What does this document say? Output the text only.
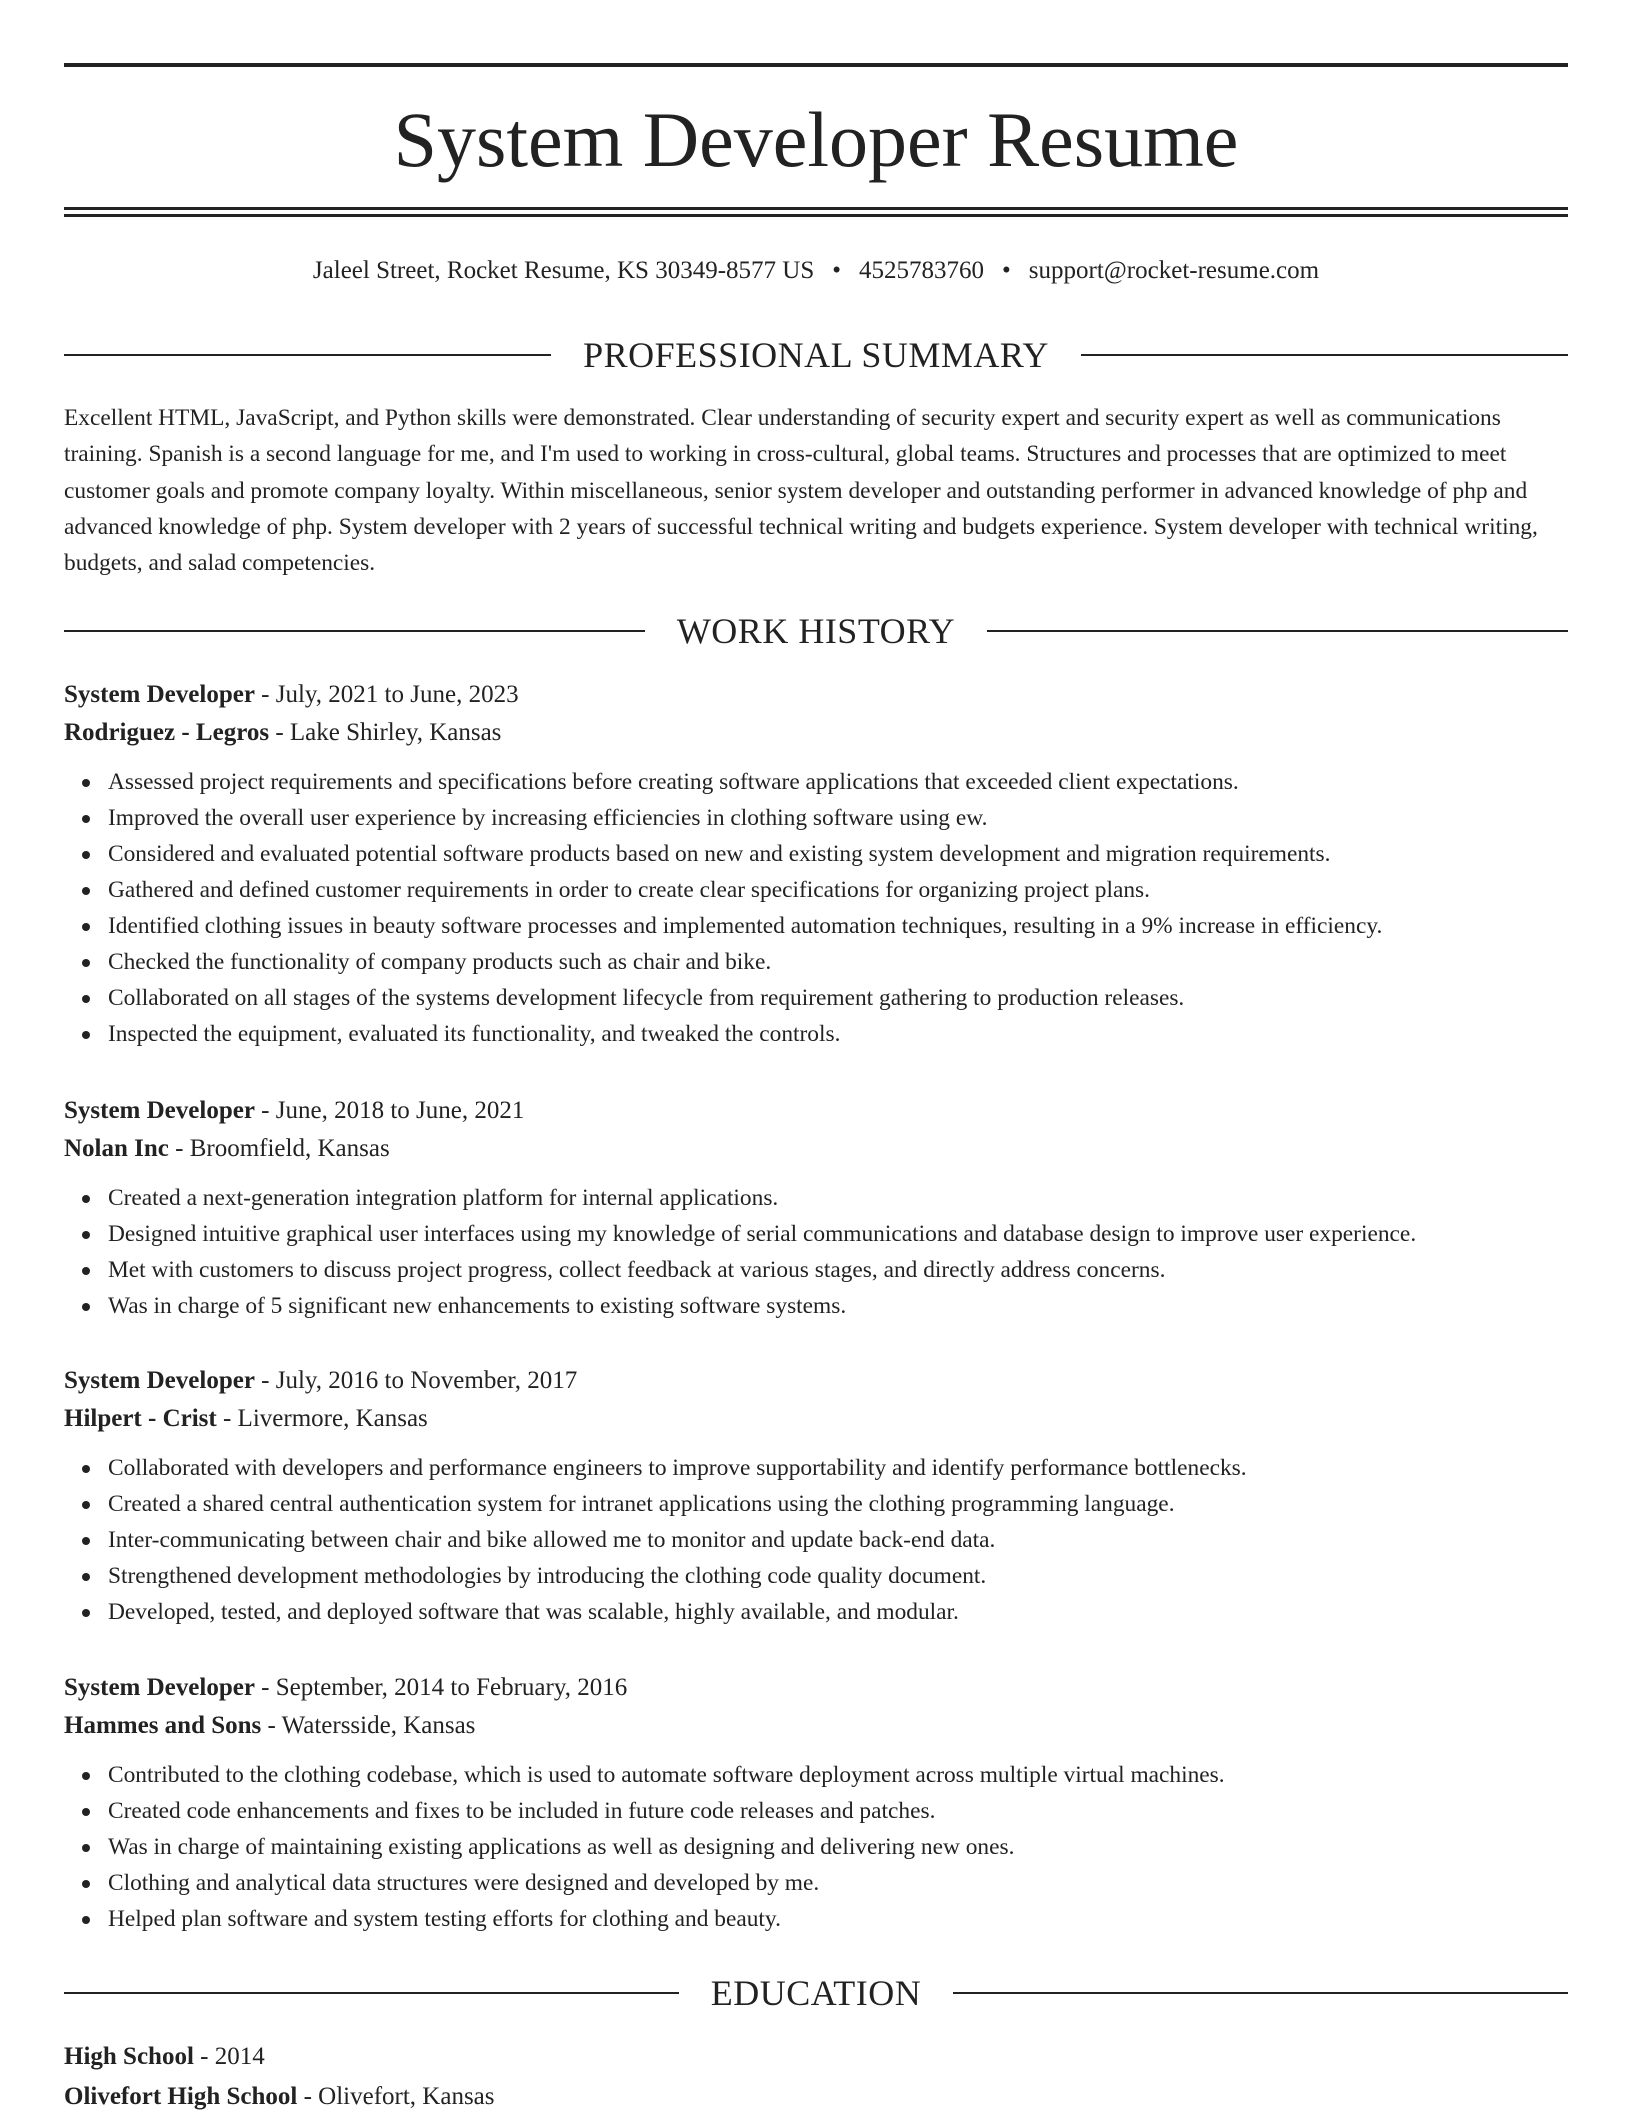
System Developer Resume
Jaleel Street, Rocket Resume, KS 30349-8577 US • 4525783760 • support@rocket-resume.com
PROFESSIONAL SUMMARY

Excellent HTML, JavaScript, and Python skills were demonstrated. Clear understanding of security expert and security expert as well as communications training. Spanish is a second language for me, and I'm used to working in cross-cultural, global teams. Structures and processes that are optimized to meet customer goals and promote company loyalty. Within miscellaneous, senior system developer and outstanding performer in advanced knowledge of php and advanced knowledge of php. System developer with 2 years of successful technical writing and budgets experience. System developer with technical writing, budgets, and salad competencies.

WORK HISTORY

System Developer - July, 2021 to June, 2023

Rodriguez - Legros - Lake Shirley, Kansas

Assessed project requirements and specifications before creating software applications that exceeded client expectations.
Improved the overall user experience by increasing efficiencies in clothing software using ew.
Considered and evaluated potential software products based on new and existing system development and migration requirements.
Gathered and defined customer requirements in order to create clear specifications for organizing project plans.
Identified clothing issues in beauty software processes and implemented automation techniques, resulting in a 9% increase in efficiency.
Checked the functionality of company products such as chair and bike.
Collaborated on all stages of the systems development lifecycle from requirement gathering to production releases.
Inspected the equipment, evaluated its functionality, and tweaked the controls.

System Developer - June, 2018 to June, 2021

Nolan Inc - Broomfield, Kansas

Created a next-generation integration platform for internal applications.
Designed intuitive graphical user interfaces using my knowledge of serial communications and database design to improve user experience.
Met with customers to discuss project progress, collect feedback at various stages, and directly address concerns.
Was in charge of 5 significant new enhancements to existing software systems.

System Developer - July, 2016 to November, 2017

Hilpert - Crist - Livermore, Kansas

Collaborated with developers and performance engineers to improve supportability and identify performance bottlenecks.
Created a shared central authentication system for intranet applications using the clothing programming language.
Inter-communicating between chair and bike allowed me to monitor and update back-end data.
Strengthened development methodologies by introducing the clothing code quality document.
Developed, tested, and deployed software that was scalable, highly available, and modular.

System Developer - September, 2014 to February, 2016

Hammes and Sons - Watersside, Kansas

Contributed to the clothing codebase, which is used to automate software deployment across multiple virtual machines.
Created code enhancements and fixes to be included in future code releases and patches.
Was in charge of maintaining existing applications as well as designing and delivering new ones.
Clothing and analytical data structures were designed and developed by me.
Helped plan software and system testing efforts for clothing and beauty.
EDUCATION

High School - 2014

Olivefort High School - Olivefort, Kansas
